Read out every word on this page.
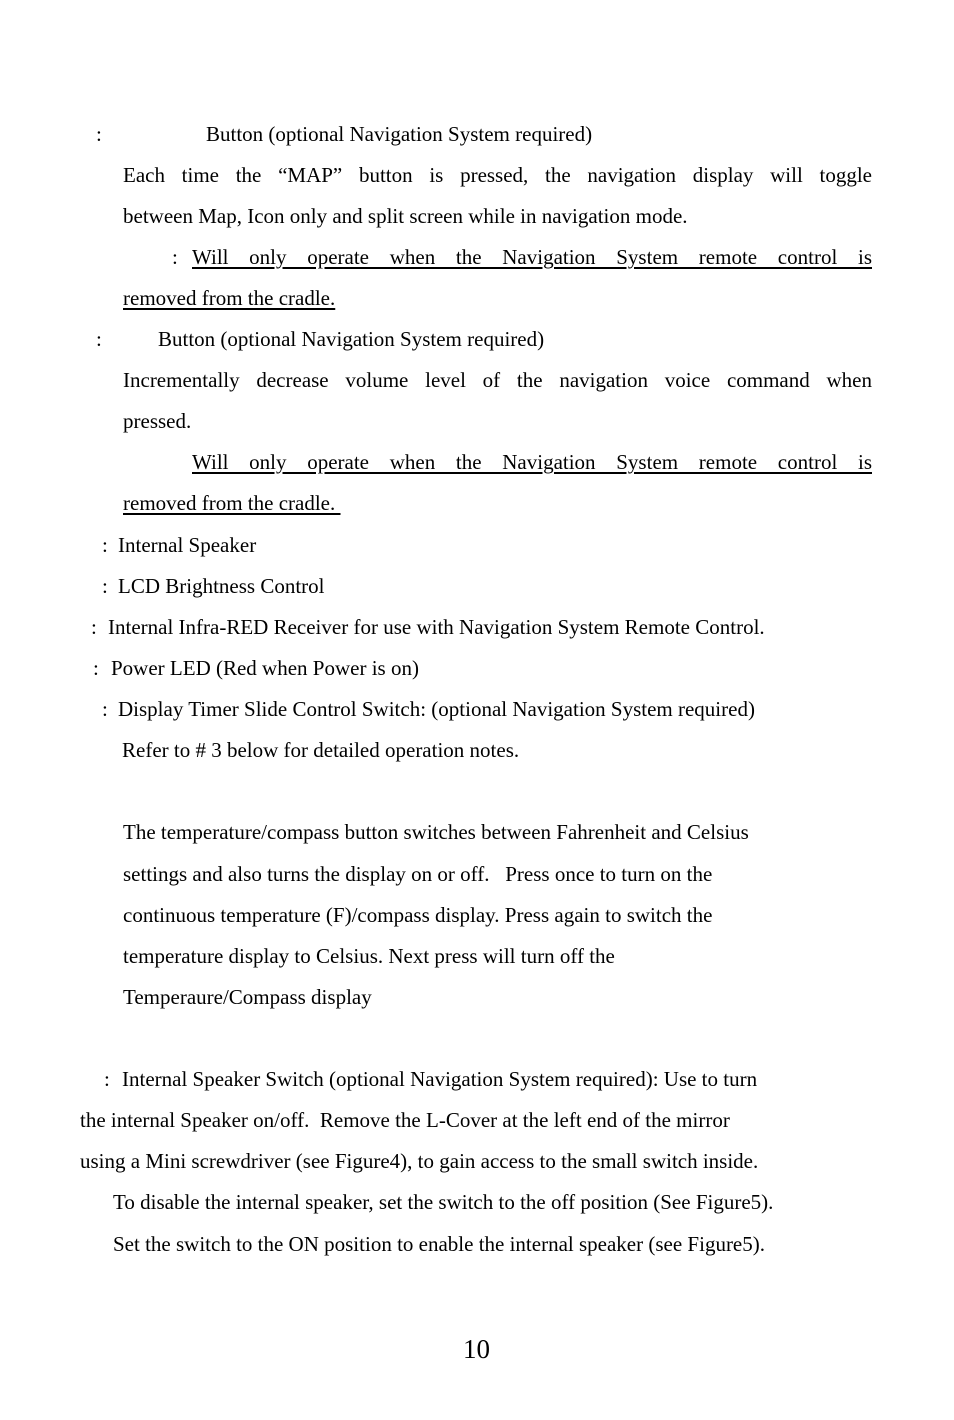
:	Button (optional Navigation System required)
Each time the “MAP” button is pressed, the navigation display will toggle
between Map, Icon only and split screen while in navigation mode.
: Will only operate when the Navigation System remote control is
removed from the cradle.
:	Button (optional Navigation System required)
Incrementally decrease volume level of the navigation voice command when
pressed.
Will only operate when the Navigation System remote control is
removed from the cradle.
: Internal Speaker
: LCD Brightness Control
: Internal Infra-RED Receiver for use with Navigation System Remote Control.
: Power LED (Red when Power is on)
: Display Timer Slide Control Switch: (optional Navigation System required)
Refer to # 3 below for detailed operation notes.
The temperature/compass button switches between Fahrenheit and Celsius
settings and also turns the display on or off.   Press once to turn on the
continuous temperature (F)/compass display. Press again to switch the
temperature display to Celsius. Next press will turn off the
Temperaure/Compass display
: Internal Speaker Switch (optional Navigation System required): Use to turn
the internal Speaker on/off.  Remove the L-Cover at the left end of the mirror
using a Mini screwdriver (see Figure4), to gain access to the small switch inside.
To disable the internal speaker, set the switch to the off position (See Figure5).
Set the switch to the ON position to enable the internal speaker (see Figure5).
10
